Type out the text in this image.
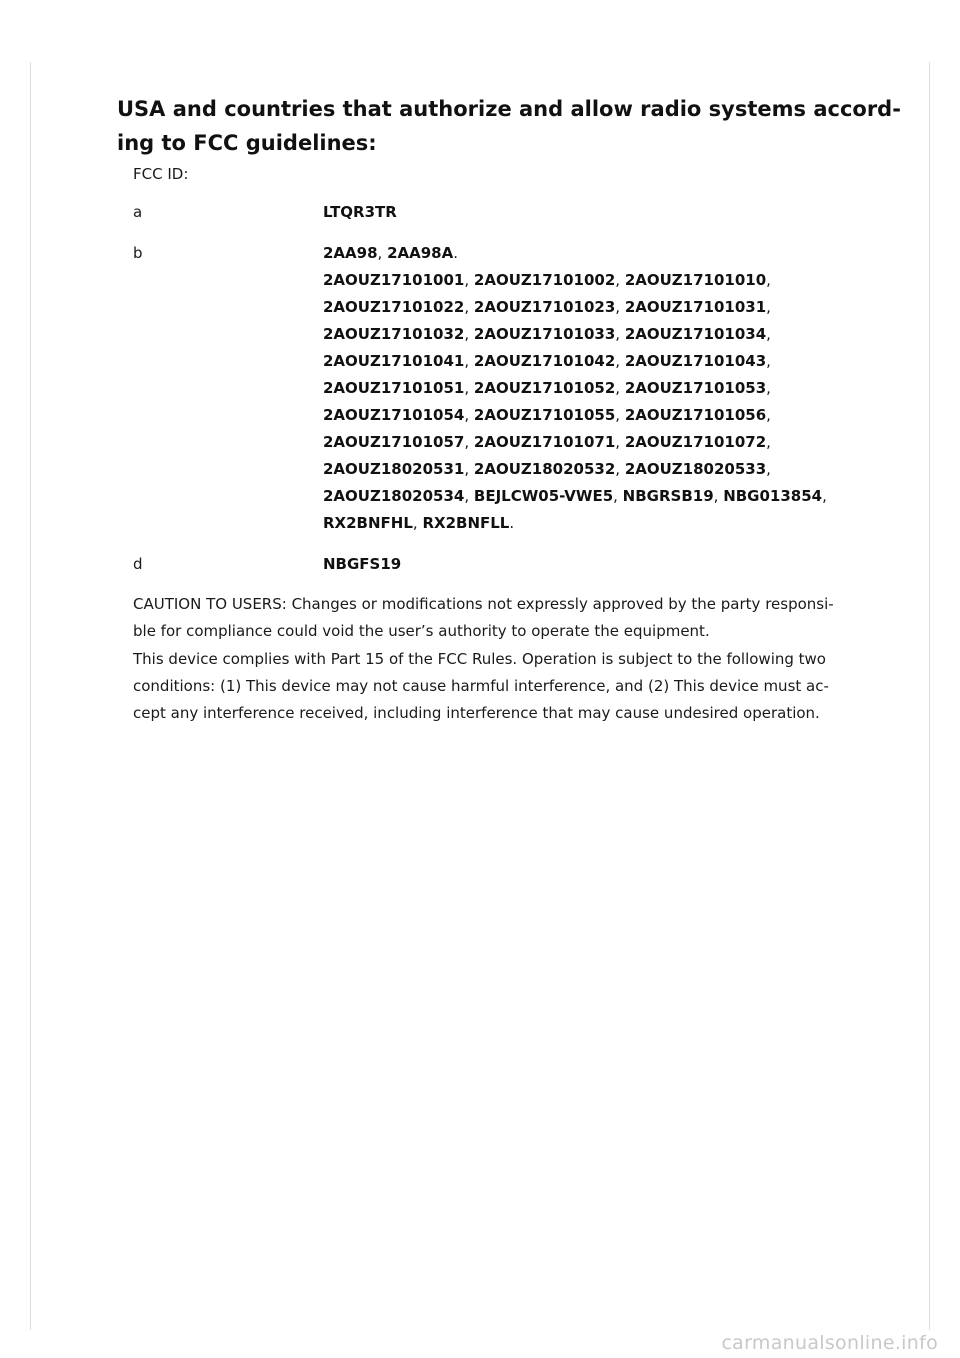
USA and countries that authorize and allow radio systems accord-
ing to FCC guidelines:
FCC ID:
a	LTQR3TR
b	2AA98, 2AA98A.
2AOUZ17101001, 2AOUZ17101002, 2AOUZ17101010,
2AOUZ17101022, 2AOUZ17101023, 2AOUZ17101031,
2AOUZ17101032, 2AOUZ17101033, 2AOUZ17101034,
2AOUZ17101041, 2AOUZ17101042, 2AOUZ17101043,
2AOUZ17101051, 2AOUZ17101052, 2AOUZ17101053,
2AOUZ17101054, 2AOUZ17101055, 2AOUZ17101056,
2AOUZ17101057, 2AOUZ17101071, 2AOUZ17101072,
2AOUZ18020531, 2AOUZ18020532, 2AOUZ18020533,
2AOUZ18020534, BEJLCW05-VWE5, NBGRSB19, NBG013854,
RX2BNFHL, RX2BNFLL.
d	NBGFS19

CAUTION TO USERS: Changes or modifications not expressly approved by the party responsi-
ble for compliance could void the user’s authority to operate the equipment.

This device complies with Part 15 of the FCC Rules. Operation is subject to the following two
conditions: (1) This device may not cause harmful interference, and (2) This device must ac-
cept any interference received, including interference that may cause undesired operation.

carmanualsonline.info
